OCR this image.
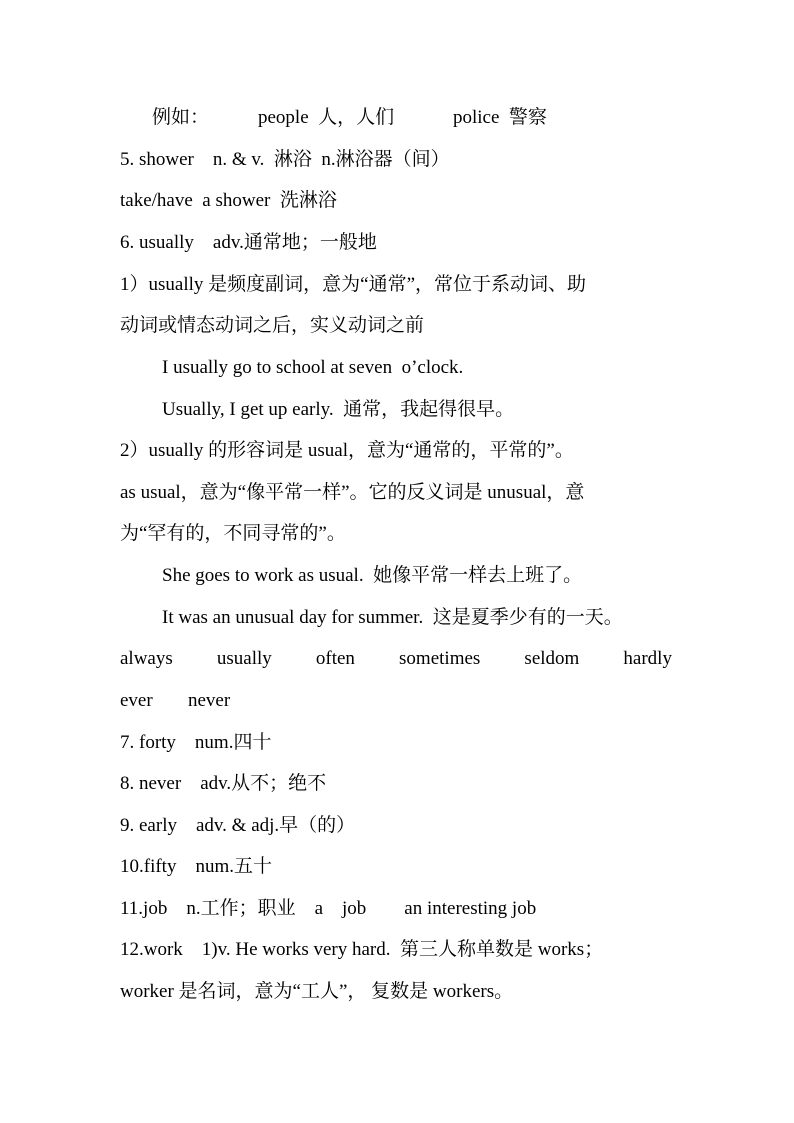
例如：	people  人，人们	police  警察
5. shower    n. & v.  淋浴  n.淋浴器（间）
take/have  a shower  洗淋浴
6. usually    adv.通常地；一般地
1）usually 是频度副词，意为“通常”，常位于系动词、助
动词或情态动词之后，实义动词之前
I usually go to school at seven  o’clock.
Usually, I get up early.  通常，我起得很早。
2）usually 的形容词是 usual，意为“通常的，平常的”。
as usual，意为“像平常一样”。它的反义词是 unusual，意
为“罕有的，不同寻常的”。
She goes to work as usual.  她像平常一样去上班了。
It was an unusual day for summer.  这是夏季少有的一天。
always usually often sometimes seldom hardly
ever never
7. forty    num.四十
8. never    adv.从不；绝不
9. early    adv. & adj.早（的）
10.fifty    num.五十
11.job    n.工作；职业    a    job        an interesting job
12.work    1)v. He works very hard.  第三人称单数是 works；
worker 是名词，意为“工人”， 复数是 workers。
